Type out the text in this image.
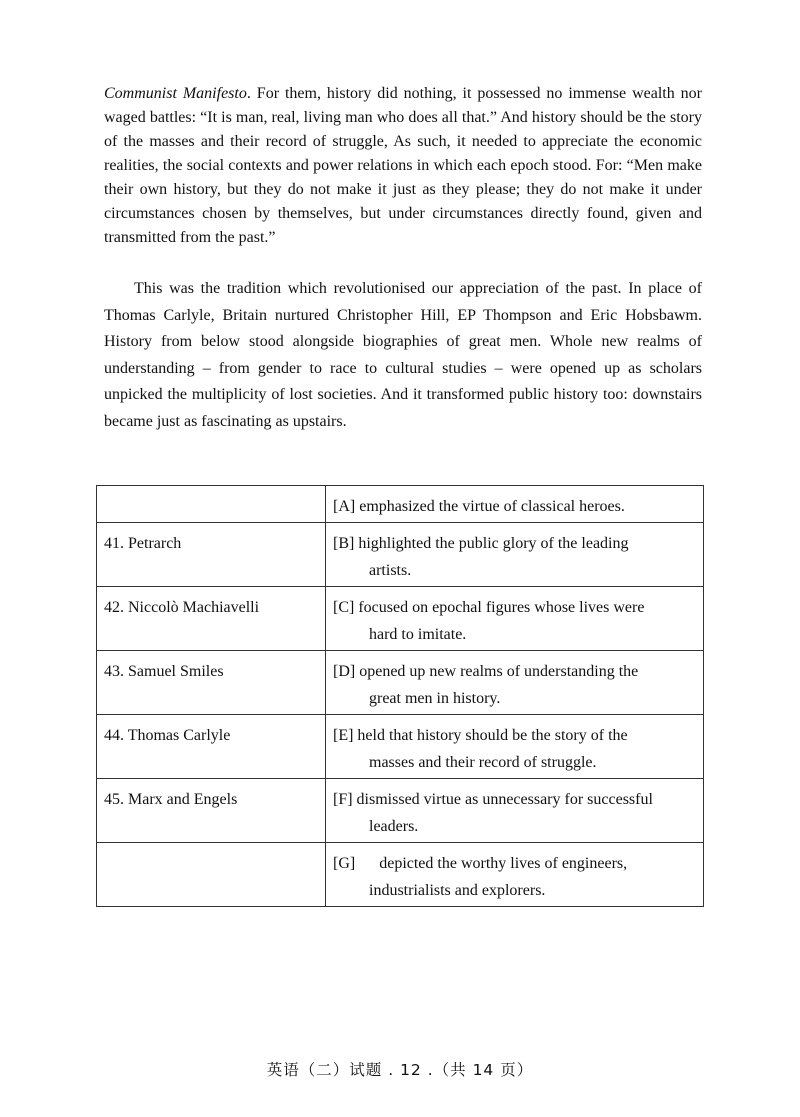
Communist Manifesto. For them, history did nothing, it possessed no immense wealth nor waged battles: “It is man, real, living man who does all that.” And history should be the story of the masses and their record of struggle, As such, it needed to appreciate the economic realities, the social contexts and power relations in which each epoch stood. For: “Men make their own history, but they do not make it just as they please; they do not make it under circumstances chosen by themselves, but under circumstances directly found, given and transmitted from the past.”
This was the tradition which revolutionised our appreciation of the past. In place of Thomas Carlyle, Britain nurtured Christopher Hill, EP Thompson and Eric Hobsbawm. History from below stood alongside biographies of great men. Whole new realms of understanding – from gender to race to cultural studies – were opened up as scholars unpicked the multiplicity of lost societies. And it transformed public history too: downstairs became just as fascinating as upstairs.
	[A] emphasized the virtue of classical heroes.
41. Petrarch	[B] highlighted the public glory of the leading
artists.

42. Niccolò Machiavelli	[C] focused on epochal figures whose lives were
hard to imitate.

43. Samuel Smiles	[D] opened up new realms of understanding the
great men in history.

44. Thomas Carlyle	[E] held that history should be the story of the
masses and their record of struggle.

45. Marx and Engels	[F] dismissed virtue as unnecessary for successful
leaders.

	[G]      depicted the worthy lives of engineers,
industrialists and explorers.
英语（二）试题 . 12 .（共 14 页）
